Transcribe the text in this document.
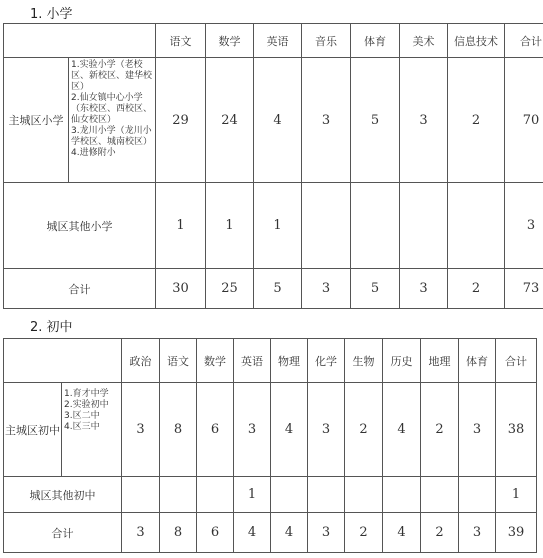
1. 小学
		语文	数学	英语	音乐	体育	美术	信息技术	合计
主城区小学	1.实验小学（老校区、新校区、建华校区）
2.仙女镇中心小学（东校区、西校区、仙女校区）
3.龙川小学（龙川小学校区、城南校区）
4.进修附小	29	24	4	3	5	3	2	70
城区其他小学		1	1	1					3
合计		30	25	5	3	5	3	2	73
2. 初中
		政治	语文	数学	英语	物理	化学	生物	历史	地理	体育	合计
主城区初中	1.育才中学
2.实验初中
3.区二中
4.区三中	3	8	6	3	4	3	2	4	2	3	38
城区其他初中					1							1
合计		3	8	6	4	4	3	2	4	2	3	39
